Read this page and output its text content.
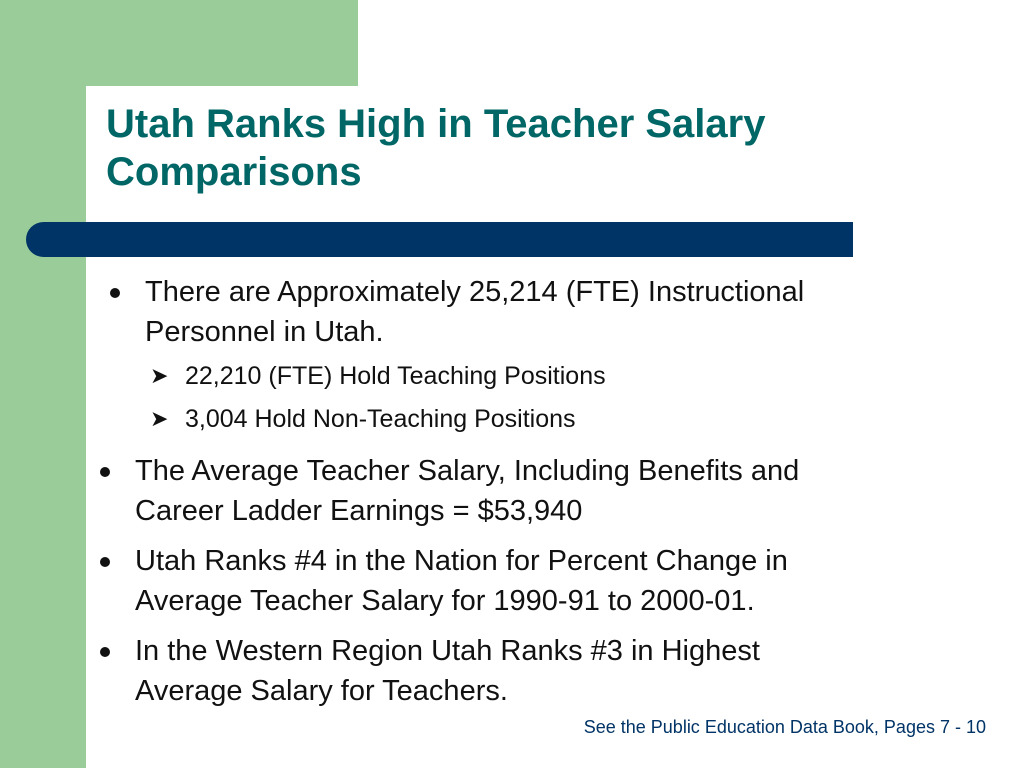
Utah Ranks High in Teacher Salary
Comparisons
There are Approximately 25,214 (FTE) Instructional
Personnel in Utah.
➤ 22,210 (FTE) Hold Teaching Positions
➤ 3,004 Hold Non-Teaching Positions
The Average Teacher Salary, Including Benefits and
Career Ladder Earnings = $53,940
Utah Ranks #4 in the Nation for Percent Change in
Average Teacher Salary for 1990-91 to 2000-01.
In the Western Region Utah Ranks #3 in Highest
Average Salary for Teachers.
See the Public Education Data Book, Pages 7 - 10
